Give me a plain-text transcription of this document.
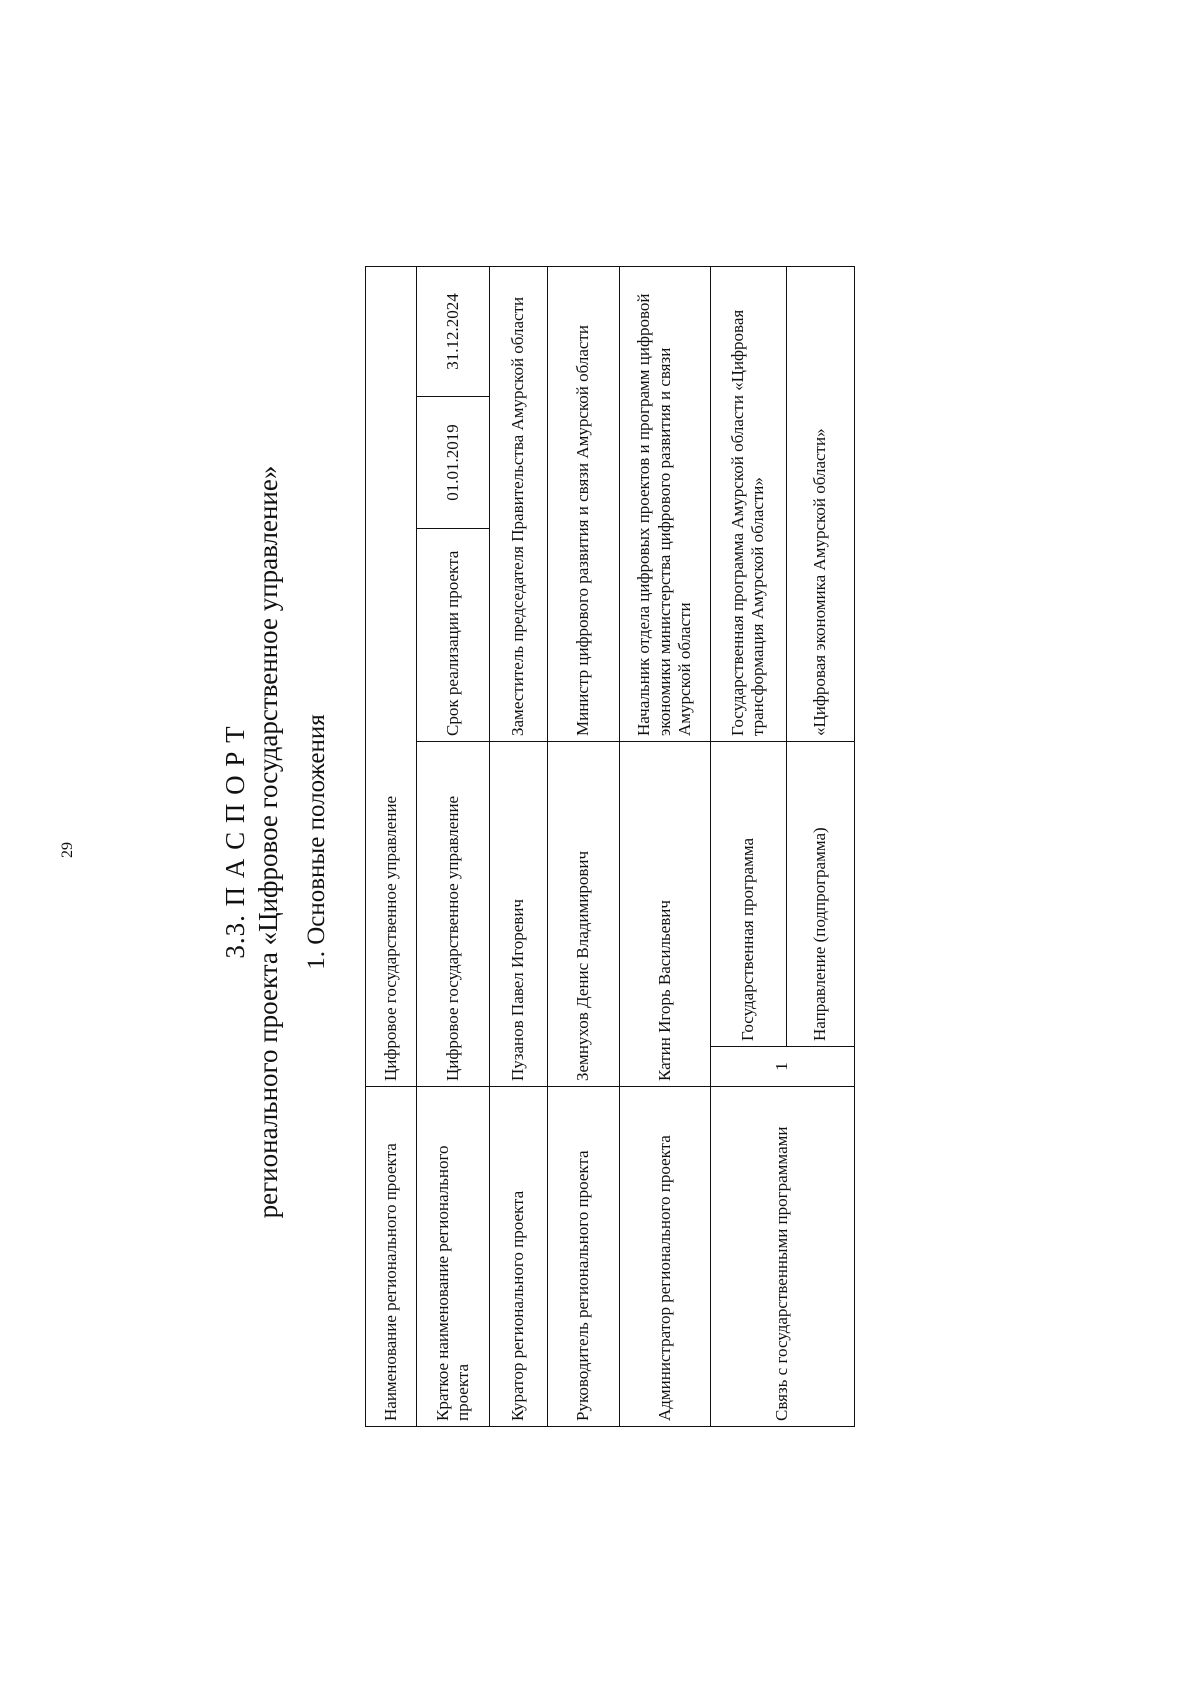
29	3.3. П А С П О Р Т регионального проекта «Цифровое государственное управление» 1. Основные положения
Наименование регионального проекта	Цифровое государственное управление				
Краткое наименование регионального проекта	Цифровое государственное управление		Срок реализации проекта	01.01.2019	31.12.2024
Куратор регионального проекта	Пузанов Павел Игоревич		Заместитель председателя Правительства Амурской области		
Руководитель регионального проекта	Земнухов Денис Владимирович		Министр цифрового развития и связи Амурской области		
Администратор регионального проекта	Катин Игорь Васильевич		Начальник отдела цифровых проектов и программ цифровой экономики министерства цифрового развития и связи Амурской области		
Связь с государственными программами	1	Государственная программа	Государственная программа Амурской области «Цифровая трансформация Амурской области»		
		Направление (подпрограмма)	«Цифровая экономика Амурской области»		
